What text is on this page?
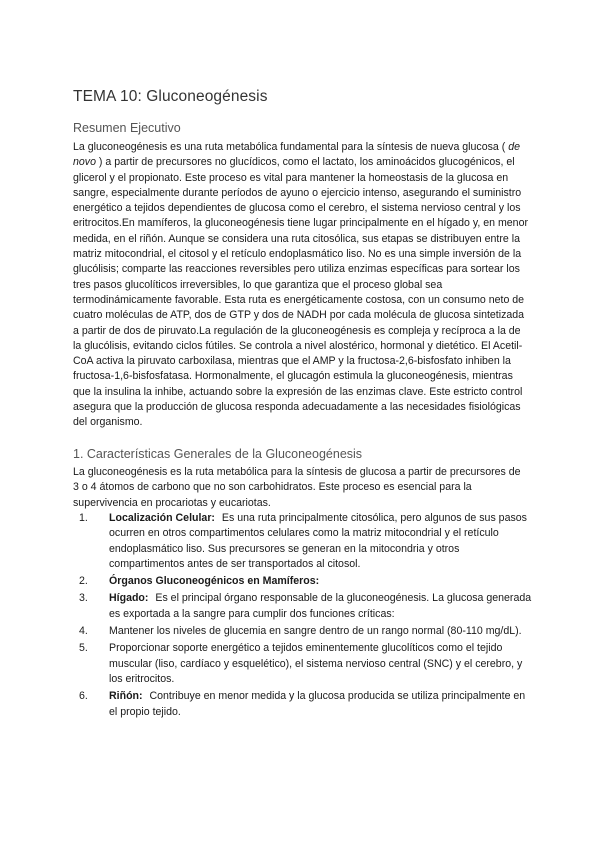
TEMA 10: Gluconeogénesis
Resumen Ejecutivo

La gluconeogénesis es una ruta metabólica fundamental para la síntesis de nueva glucosa ( de novo ) a partir de precursores no glucídicos, como el lactato, los aminoácidos glucogénicos, el glicerol y el propionato. Este proceso es vital para mantener la homeostasis de la glucosa en sangre, especialmente durante períodos de ayuno o ejercicio intenso, asegurando el suministro energético a tejidos dependientes de glucosa como el cerebro, el sistema nervioso central y los eritrocitos.En mamíferos, la gluconeogénesis tiene lugar principalmente en el hígado y, en menor medida, en el riñón. Aunque se considera una ruta citosólica, sus etapas se distribuyen entre la matriz mitocondrial, el citosol y el retículo endoplasmático liso. No es una simple inversión de la glucólisis; comparte las reacciones reversibles pero utiliza enzimas específicas para sortear los tres pasos glucolíticos irreversibles, lo que garantiza que el proceso global sea termodinámicamente favorable. Esta ruta es energéticamente costosa, con un consumo neto de cuatro moléculas de ATP, dos de GTP y dos de NADH por cada molécula de glucosa sintetizada a partir de dos de piruvato.La regulación de la gluconeogénesis es compleja y recíproca a la de la glucólisis, evitando ciclos fútiles. Se controla a nivel alostérico, hormonal y dietético. El Acetil-CoA activa la piruvato carboxilasa, mientras que el AMP y la fructosa-2,6-bisfosfato inhiben la fructosa-1,6-bisfosfatasa. Hormonalmente, el glucagón estimula la gluconeogénesis, mientras que la insulina la inhibe, actuando sobre la expresión de las enzimas clave. Este estricto control asegura que la producción de glucosa responda adecuadamente a las necesidades fisiológicas del organismo.

1. Características Generales de la Gluconeogénesis

La gluconeogénesis es la ruta metabólica para la síntesis de glucosa a partir de precursores de 3 o 4 átomos de carbono que no son carbohidratos. Este proceso es esencial para la supervivencia en procariotas y eucariotas.

1.	Localización Celular: Es una ruta principalmente citosólica, pero algunos de sus pasos ocurren en otros compartimentos celulares como la matriz mitocondrial y el retículo endoplasmático liso. Sus precursores se generan en la mitocondria y otros compartimentos antes de ser transportados al citosol.
2.	Órganos Gluconeogénicos en Mamíferos:
3.	Hígado: Es el principal órgano responsable de la gluconeogénesis. La glucosa generada es exportada a la sangre para cumplir dos funciones críticas:
4.	Mantener los niveles de glucemia en sangre dentro de un rango normal (80-110 mg/dL).
5.	Proporcionar soporte energético a tejidos eminentemente glucolíticos como el tejido muscular (liso, cardíaco y esquelético), el sistema nervioso central (SNC) y el cerebro, y los eritrocitos.
6.	Riñón: Contribuye en menor medida y la glucosa producida se utiliza principalmente en el propio tejido.
